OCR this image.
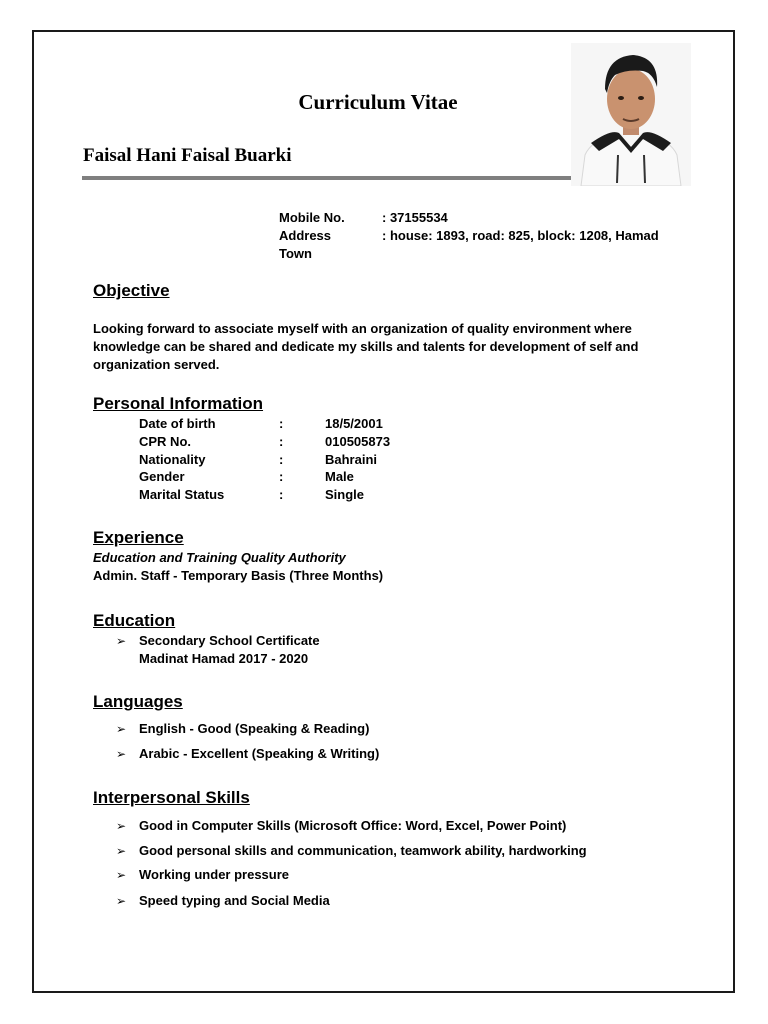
Curriculum Vitae
Faisal Hani Faisal Buarki
Mobile No.	: 37155534
Address	: house: 1893, road: 825, block: 1208, Hamad
Town
Objective
Looking forward to associate myself with an organization of quality environment where
knowledge can be shared and dedicate my skills and talents for development of self and
organization served.
Personal Information
Date of birth	:	18/5/2001
CPR No.	:	010505873
Nationality	:	Bahraini
Gender	:	Male
Marital Status	:	Single
Experience
Education and Training Quality Authority
Admin. Staff - Temporary Basis (Three Months)
Education
➢ Secondary School Certificate
Madinat Hamad 2017 - 2020
Languages
➢ English - Good (Speaking & Reading)
➢ Arabic - Excellent (Speaking & Writing)
Interpersonal Skills
➢ Good in Computer Skills (Microsoft Office: Word, Excel, Power Point)
➢ Good personal skills and communication, teamwork ability, hardworking
➢ Working under pressure
➢ Speed typing and Social Media
